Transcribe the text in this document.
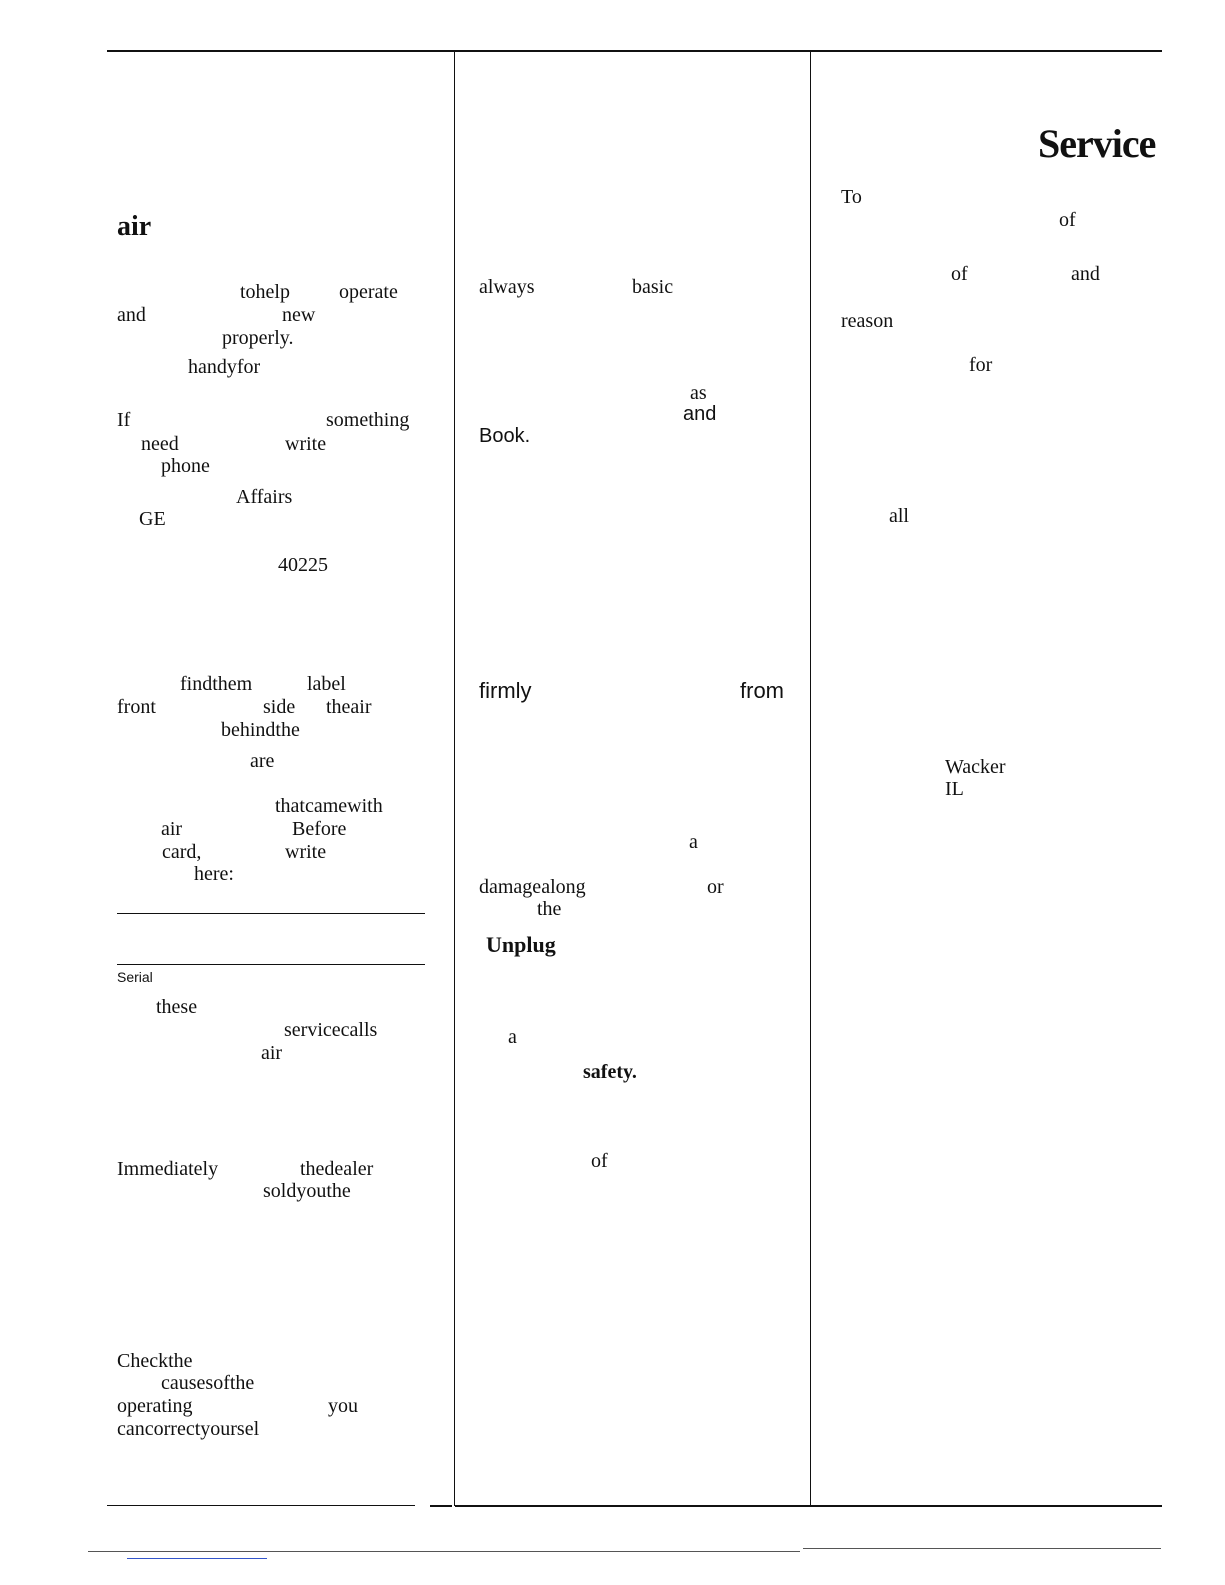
air
tohelp operate
and	new
properly.
handyfor
If	something
need	write
phone
Affairs
GE
40225
findthem	label
front	side theair
behindthe
are
thatcamewith
air	Before
card,	write
here:
Serial
these
servicecalls
air
Immediately	thedealer
soldyouthe
Checkthe
causesofthe
operating	you
cancorrectyoursel
always	basic
as
and
Book.
firmly	from
a
damagealong	or
the
Unplug
a
safety.
of
Service
To
of
of	and
reason
for
all
Wacker
IL
